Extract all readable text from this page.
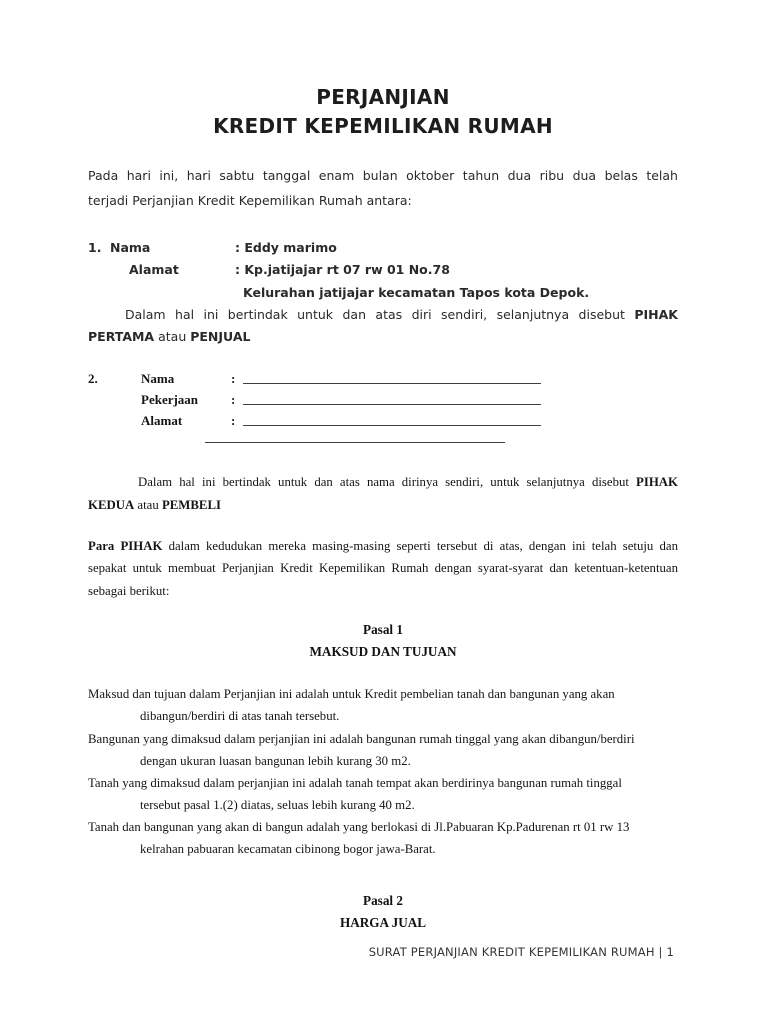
PERJANJIAN
KREDIT KEPEMILIKAN RUMAH
Pada hari ini, hari sabtu tanggal enam bulan oktober tahun dua ribu dua belas telah
terjadi Perjanjian Kredit Kepemilikan Rumah antara:
1. Nama	: Eddy marimo
Alamat	: Kp.jatijajar rt 07 rw 01 No.78
Kelurahan jatijajar kecamatan Tapos kota Depok.
Dalam hal ini bertindak untuk dan atas diri sendiri, selanjutnya disebut PIHAK
PERTAMA atau PENJUAL
2.	Nama	:
Pekerjaan	:
Alamat	:
Dalam hal ini bertindak untuk dan atas nama dirinya sendiri, untuk selanjutnya disebut PIHAK
KEDUA atau PEMBELI
Para PIHAK dalam kedudukan mereka masing-masing seperti tersebut di atas, dengan ini telah setuju dan
sepakat untuk membuat Perjanjian Kredit Kepemilikan Rumah dengan syarat-syarat dan ketentuan-ketentuan
sebagai berikut:
Pasal 1
MAKSUD DAN TUJUAN
Maksud dan tujuan dalam Perjanjian ini adalah untuk Kredit pembelian tanah dan bangunan yang akan
dibangun/berdiri di atas tanah tersebut.
Bangunan yang dimaksud dalam perjanjian ini adalah bangunan rumah tinggal yang akan dibangun/berdiri
dengan ukuran luasan bangunan lebih kurang 30 m2.
Tanah yang dimaksud dalam perjanjian ini adalah tanah tempat akan berdirinya bangunan rumah tinggal
tersebut pasal 1.(2) diatas, seluas lebih kurang 40 m2.
Tanah dan bangunan yang akan di bangun adalah yang berlokasi di Jl.Pabuaran Kp.Padurenan rt 01 rw 13
kelrahan pabuaran kecamatan cibinong bogor jawa-Barat.
Pasal 2
HARGA JUAL
SURAT PERJANJIAN KREDIT KEPEMILIKAN RUMAH | 1
